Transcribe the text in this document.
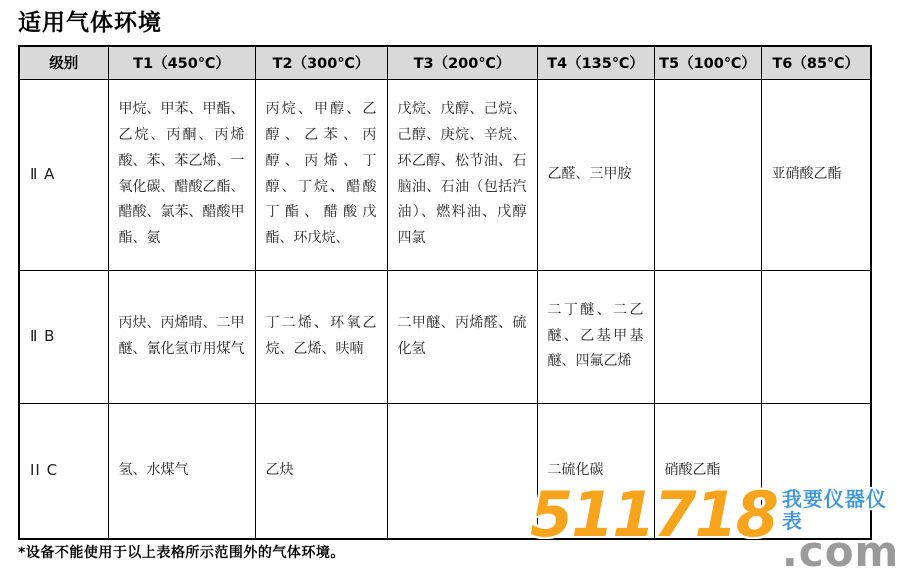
适用气体环境
级别	T1（450℃）	T2（300℃）	T3（200℃）	T4（135℃）	T5（100℃）	T6（85℃）
Ⅱ A	甲烷、甲苯、甲酯、乙烷、丙酮、丙烯酸、苯、苯乙烯、一氧化碳、醋酸乙酯、醋酸、氯苯、醋酸甲酯、氨	丙烷、甲醇、乙醇、乙苯、丙醇、丙烯、丁醇、丁烷、醋酸丁酯、醋酸戊酯、环戊烷、	戊烷、戊醇、己烷、己醇、庚烷、辛烷、环乙醇、松节油、石脑油、石油（包括汽油）、燃料油、戊醇四氯	乙醛、三甲胺		亚硝酸乙酯
Ⅱ B	丙炔、丙烯晴、二甲醚、氰化氢市用煤气	丁二烯、环氧乙烷、乙烯、呋喃	二甲醚、丙烯醛、硫化氢	二丁醚、二乙醚、乙基甲基醚、四氟乙烯		
II C	氢、水煤气	乙炔		二硫化碳	硝酸乙酯	

*设备不能使用于以上表格所示范围外的气体环境。

511718 我要仪器仪表
.com
